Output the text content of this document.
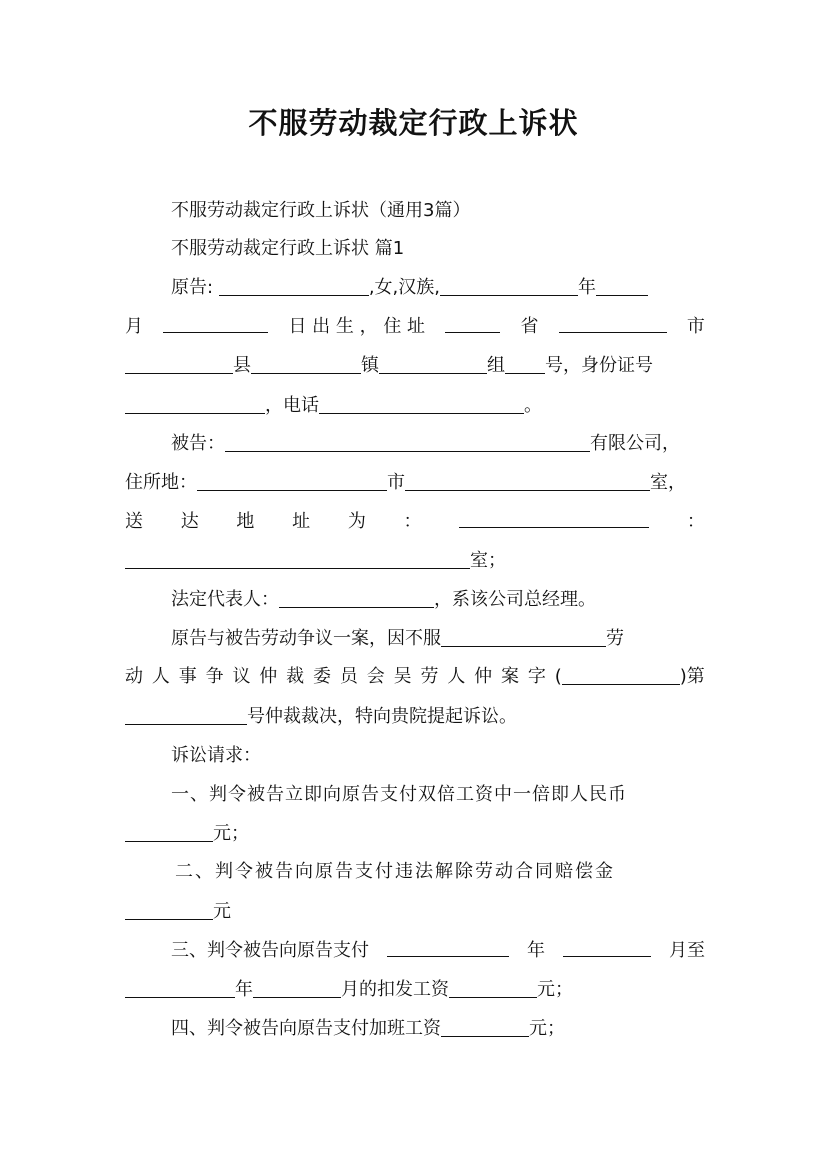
不服劳动裁定行政上诉状
不服劳动裁定行政上诉状（通用3篇）
不服劳动裁定行政上诉状 篇1
原告:	,女,汉族,	年
月	日 出 生 ， 住 址	省	市
县	镇	组 号，身份证号
，电话	。
被告：	有限公司，
住所地：	市	室，
送 达 地 址 为 ：	：
室；
法定代表人：	，系该公司总经理。
原告与被告劳动争议一案，因不服	劳
动 人 事 争 议 仲 裁 委 员 会 吴 劳 人 仲 案 字 (	)第
号仲裁裁决，特向贵院提起诉讼。
诉讼请求：
一、判令被告立即向原告支付双倍工资中一倍即人民币
元；
二、判令被告向原告支付违法解除劳动合同赔偿金
元
三、判令被告向原告支付	年	月至
年	月的扣发工资	元；
四、判令被告向原告支付加班工资	元；
